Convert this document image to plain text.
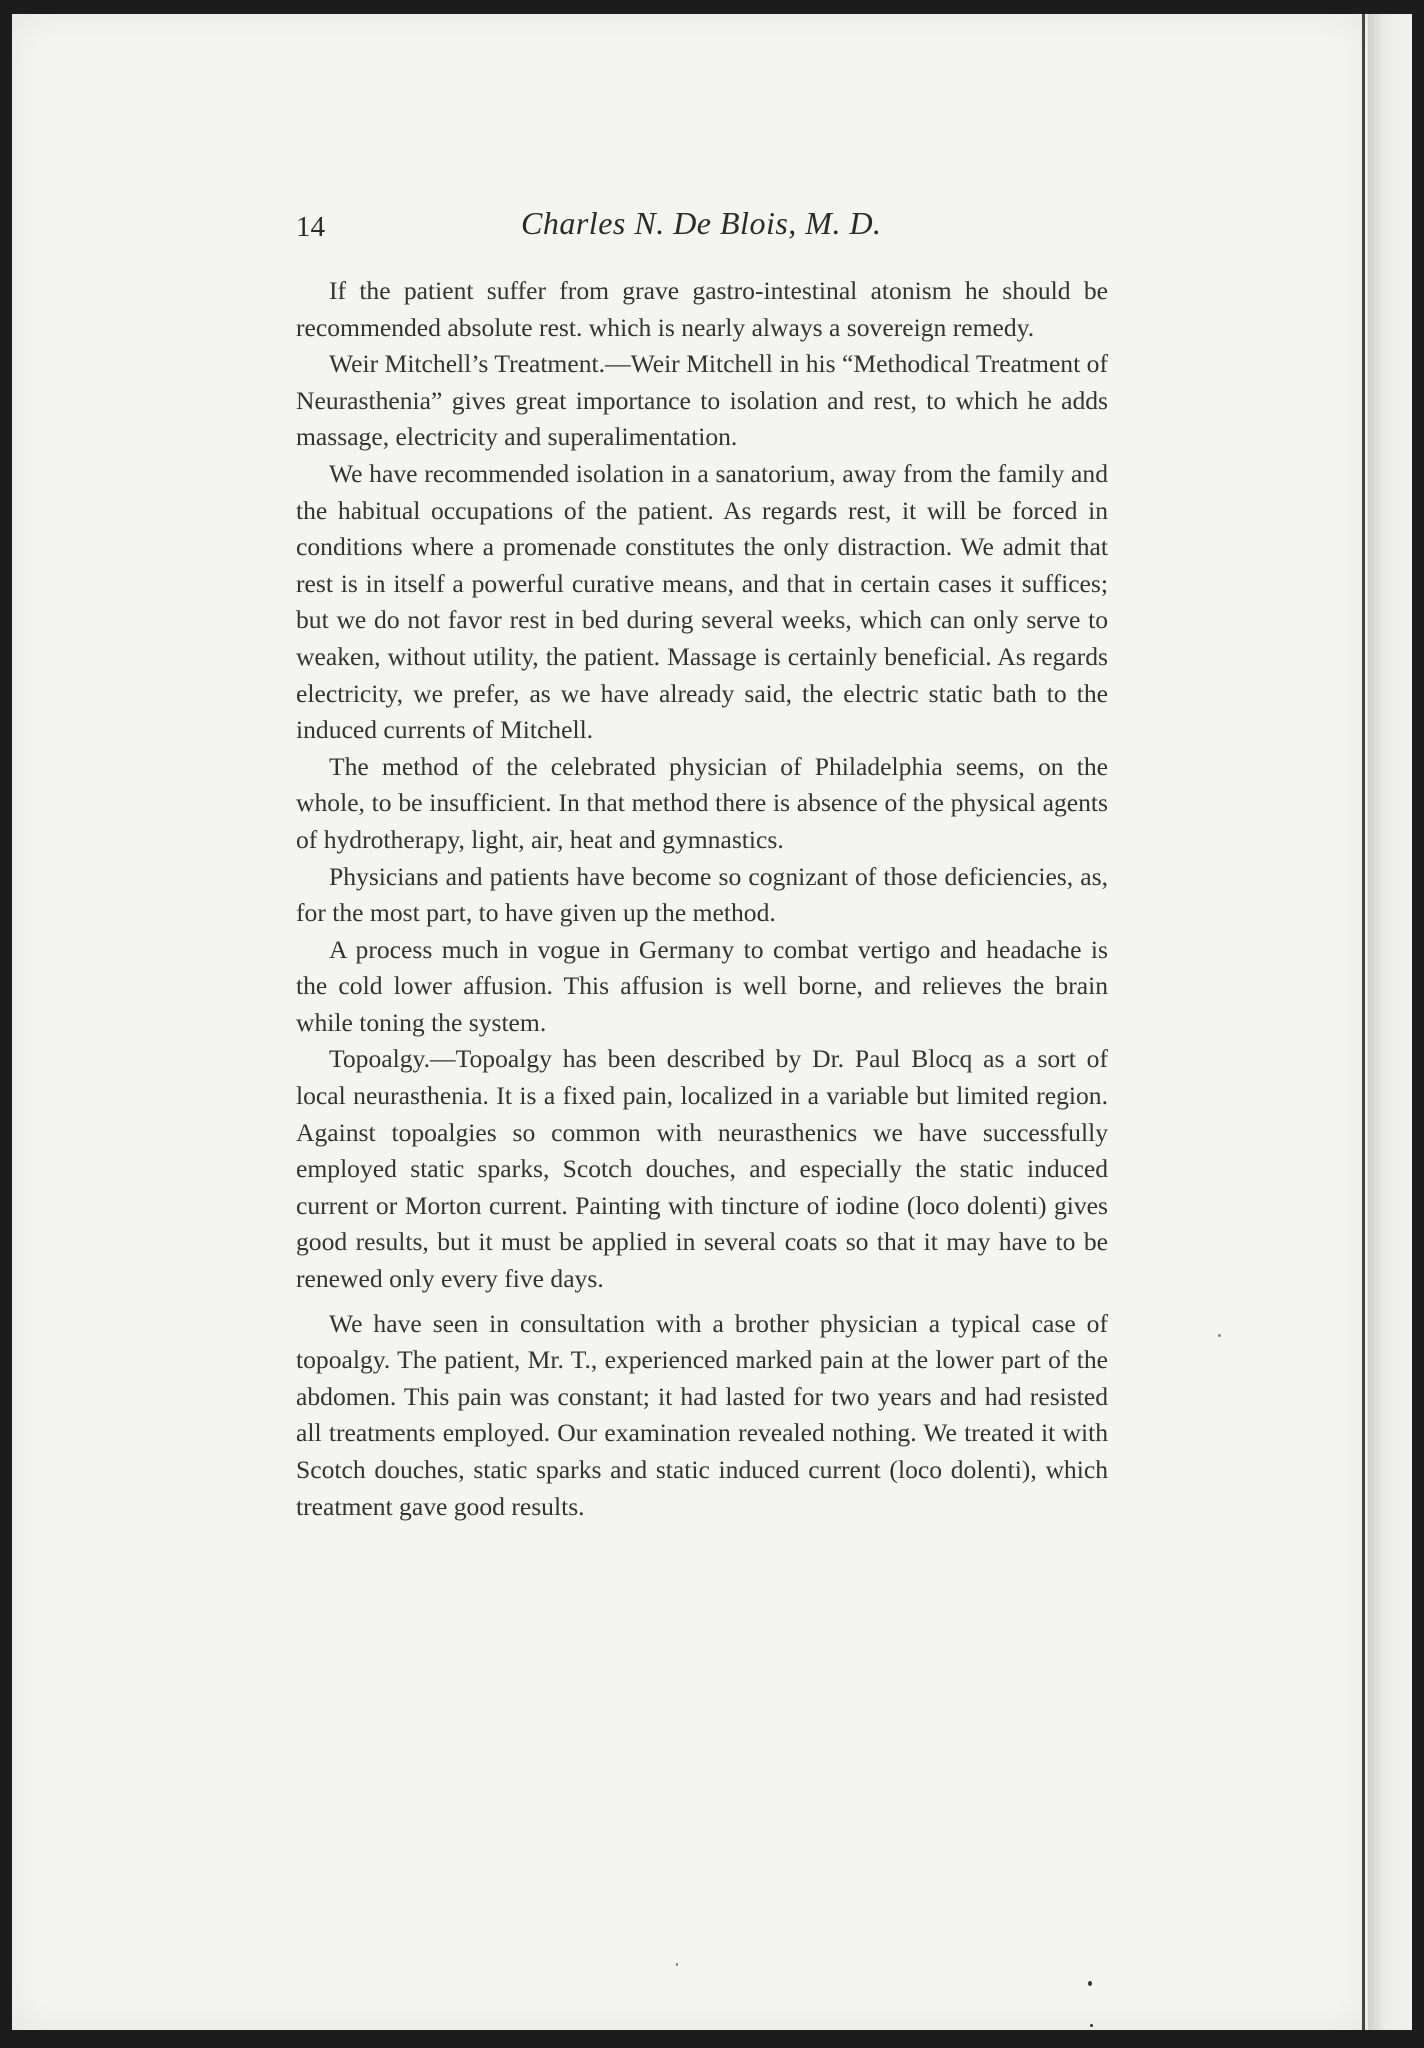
14	Charles N. De Blois, M. D.

If the patient suffer from grave gastro-intestinal atonism he should be recommended absolute rest. which is nearly always a sovereign remedy.

Weir Mitchell’s Treatment.—Weir Mitchell in his “Methodical Treatment of Neurasthenia” gives great importance to isolation and rest, to which he adds massage, electricity and superalimentation.

We have recommended isolation in a sanatorium, away from the family and the habitual occupations of the patient. As regards rest, it will be forced in conditions where a promenade constitutes the only distraction. We admit that rest is in itself a powerful curative means, and that in certain cases it suffices; but we do not favor rest in bed during several weeks, which can only serve to weaken, without utility, the patient. Massage is certainly beneficial. As regards electricity, we prefer, as we have already said, the electric static bath to the induced currents of Mitchell.

The method of the celebrated physician of Philadelphia seems, on the whole, to be insufficient. In that method there is absence of the physical agents of hydrotherapy, light, air, heat and gymnastics.

Physicians and patients have become so cognizant of those deficiencies, as, for the most part, to have given up the method.

A process much in vogue in Germany to combat vertigo and headache is the cold lower affusion. This affusion is well borne, and relieves the brain while toning the system.

Topoalgy.—Topoalgy has been described by Dr. Paul Blocq as a sort of local neurasthenia. It is a fixed pain, localized in a variable but limited region. Against topoalgies so common with neurasthenics we have successfully employed static sparks, Scotch douches, and especially the static induced current or Morton current. Painting with tincture of iodine (loco dolenti) gives good results, but it must be applied in several coats so that it may have to be renewed only every five days.

We have seen in consultation with a brother physician a typical case of topoalgy. The patient, Mr. T., experienced marked pain at the lower part of the abdomen. This pain was constant; it had lasted for two years and had resisted all treatments employed. Our examination revealed nothing. We treated it with Scotch douches, static sparks and static induced current (loco dolenti), which treatment gave good results.
